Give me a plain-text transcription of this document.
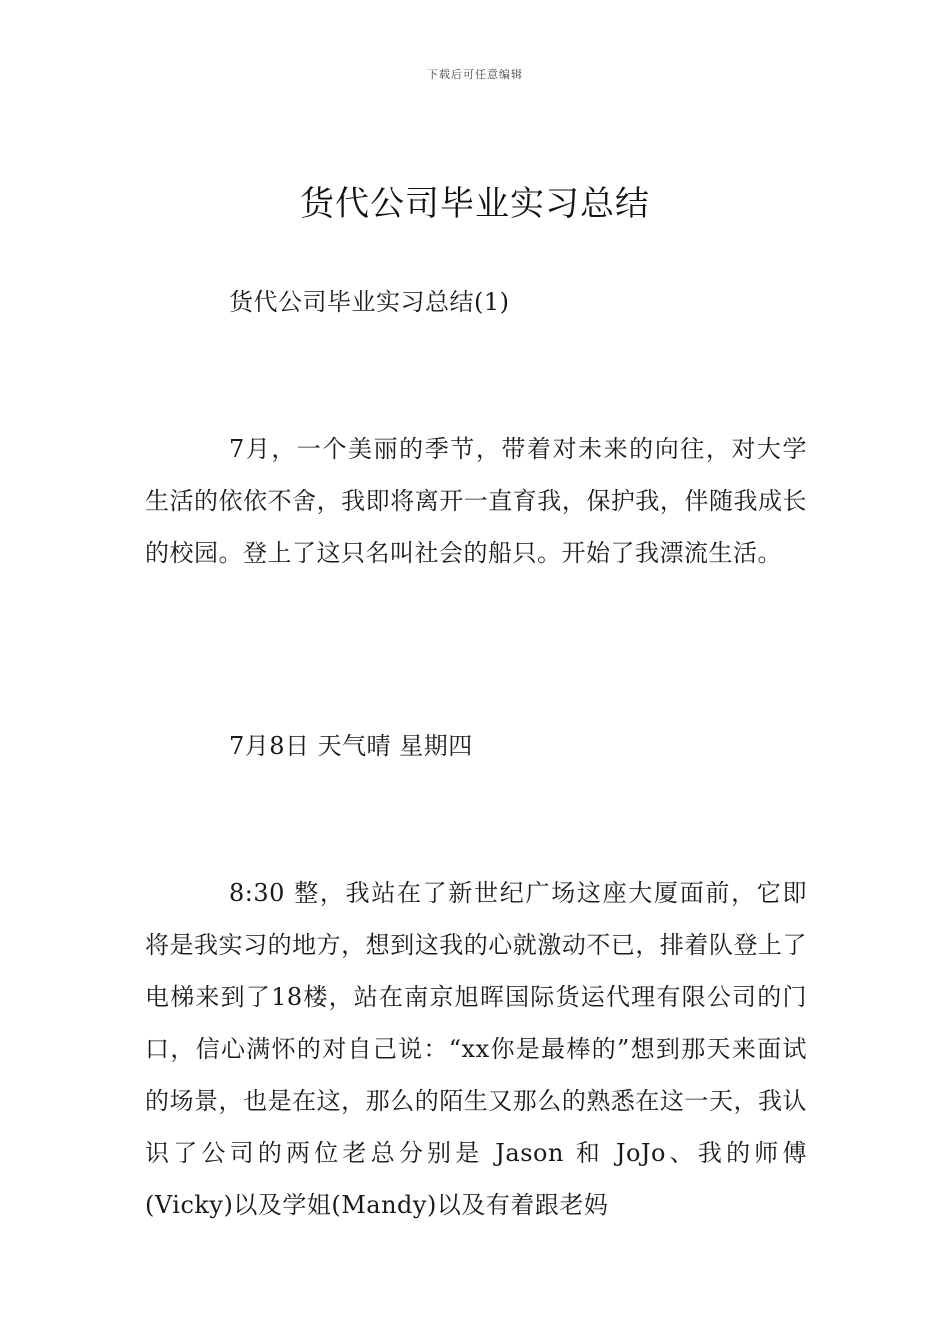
下载后可任意编辑
货代公司毕业实习总结
货代公司毕业实习总结(1)
7月，一个美丽的季节，带着对未来的向往，对大学生活的依依不舍，我即将离开一直育我，保护我，伴随我成长的校园。登上了这只名叫社会的船只。开始了我漂流生活。
7月8日 天气晴 星期四
8:30 整，我站在了新世纪广场这座大厦面前，它即将是我实习的地方，想到这我的心就激动不已，排着队登上了电梯来到了18楼，站在南京旭晖国际货运代理有限公司的门口，信心满怀的对自己说：“xx你是最棒的”想到那天来面试的场景，也是在这，那么的陌生又那么的熟悉在这一天，我认识了公司的两位老总分别是 Jason 和 JoJo、我的师傅(Vicky)以及学姐(Mandy)以及有着跟老妈
